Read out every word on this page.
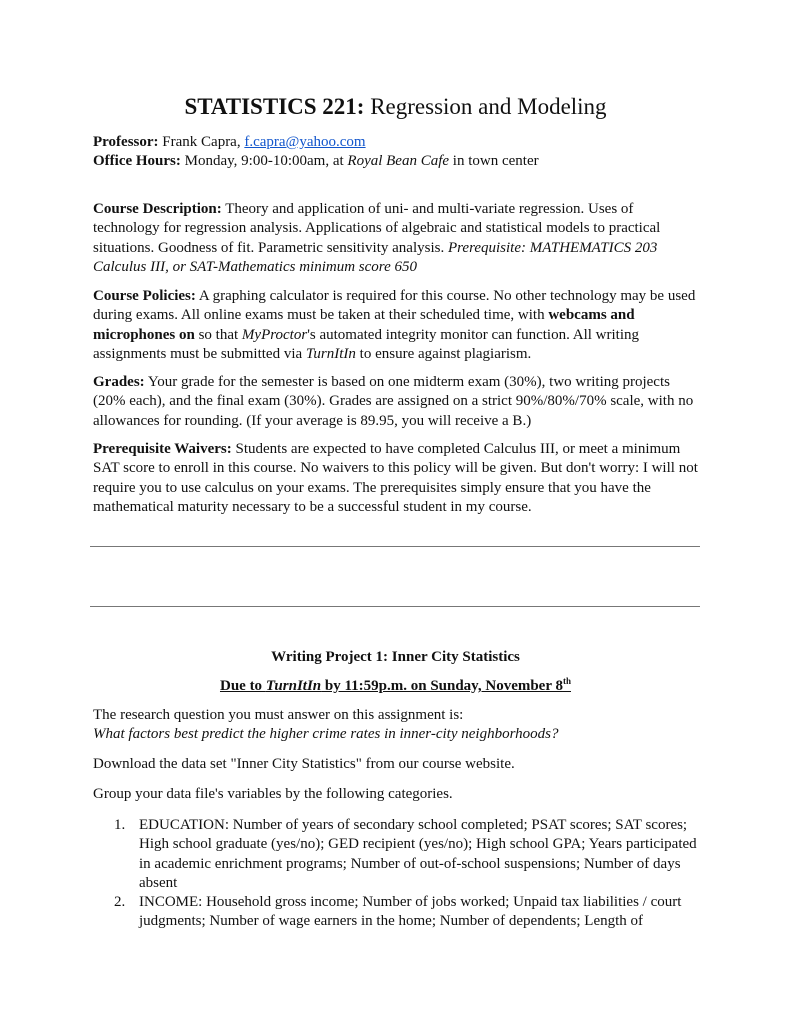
STATISTICS 221: Regression and Modeling

Professor: Frank Capra, f.capra@yahoo.com

Office Hours: Monday, 9:00-10:00am, at Royal Bean Cafe in town center

Course Description: Theory and application of uni- and multi-variate regression. Uses of technology for regression analysis. Applications of algebraic and statistical models to practical situations. Goodness of fit. Parametric sensitivity analysis. Prerequisite: MATHEMATICS 203 Calculus III, or SAT-Mathematics minimum score 650

Course Policies: A graphing calculator is required for this course. No other technology may be used during exams. All online exams must be taken at their scheduled time, with webcams and microphones on so that MyProctor's automated integrity monitor can function. All writing assignments must be submitted via TurnItIn to ensure against plagiarism.

Grades: Your grade for the semester is based on one midterm exam (30%), two writing projects (20% each), and the final exam (30%). Grades are assigned on a strict 90%/80%/70% scale, with no allowances for rounding. (If your average is 89.95, you will receive a B.)

Prerequisite Waivers: Students are expected to have completed Calculus III, or meet a minimum SAT score to enroll in this course. No waivers to this policy will be given. But don't worry: I will not require you to use calculus on your exams. The prerequisites simply ensure that you have the mathematical maturity necessary to be a successful student in my course.

Writing Project 1: Inner City Statistics
Due to TurnItIn by 11:59p.m. on Sunday, November 8th

The research question you must answer on this assignment is:

What factors best predict the higher crime rates in inner-city neighborhoods?

Download the data set "Inner City Statistics" from our course website.
Group your data file's variables by the following categories.
1. EDUCATION: Number of years of secondary school completed; PSAT scores; SAT scores; High school graduate (yes/no); GED recipient (yes/no); High school GPA; Years participated in academic enrichment programs; Number of out-of-school suspensions; Number of days absent
2. INCOME: Household gross income; Number of jobs worked; Unpaid tax liabilities / court judgments; Number of wage earners in the home; Number of dependents; Length of
